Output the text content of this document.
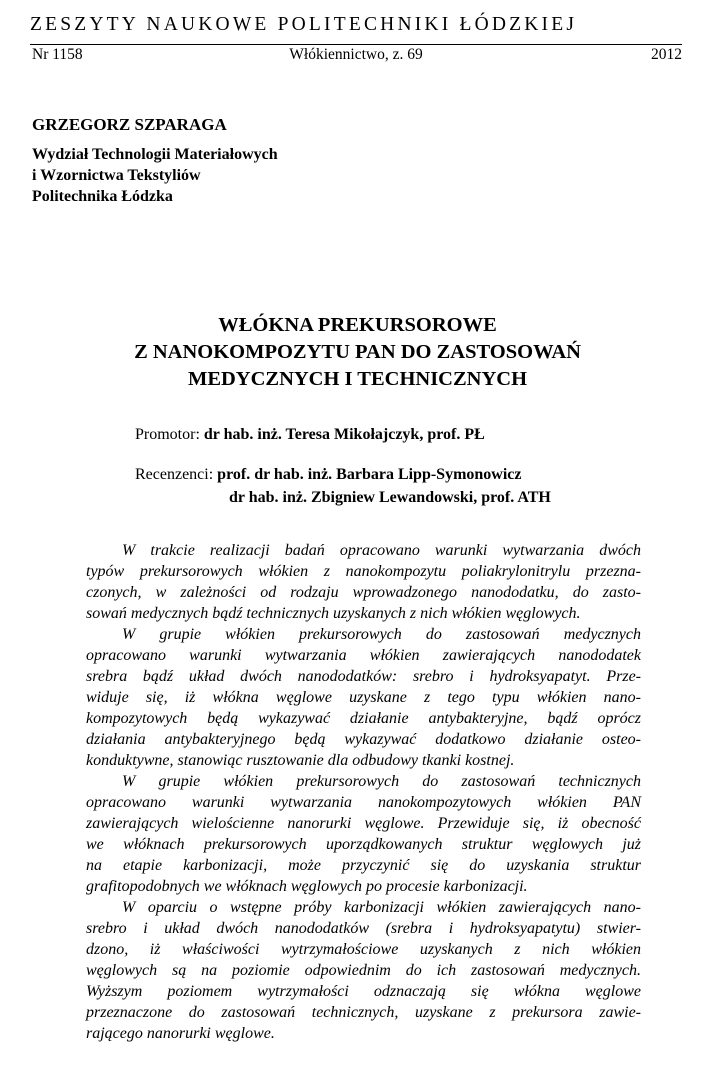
ZESZYTY NAUKOWE POLITECHNIKI ŁÓDZKIEJ
Nr 1158	Włókiennictwo, z. 69	2012
GRZEGORZ SZPARAGA
Wydział Technologii Materiałowych
i Wzornictwa Tekstyliów
Politechnika Łódzka
WŁÓKNA PREKURSOROWE
Z NANOKOMPOZYTU PAN DO ZASTOSOWAŃ
MEDYCZNYCH I TECHNICZNYCH
Promotor: dr hab. inż. Teresa Mikołajczyk, prof. PŁ
Recenzenci: prof. dr hab. inż. Barbara Lipp-Symonowicz
dr hab. inż. Zbigniew Lewandowski, prof. ATH

W trakcie realizacji badań opracowano warunki wytwarzania dwóch

typów prekursorowych włókien z nanokompozytu poliakrylonitrylu przezna-

czonych, w zależności od rodzaju wprowadzonego nanododatku, do zasto-

sowań medycznych bądź technicznych uzyskanych z nich włókien węglowych.

W grupie włókien prekursorowych do zastosowań medycznych

opracowano warunki wytwarzania włókien zawierających nanododatek

srebra bądź układ dwóch nanododatków: srebro i hydroksyapatyt. Prze-

widuje się, iż włókna węglowe uzyskane z tego typu włókien nano-

kompozytowych będą wykazywać działanie antybakteryjne, bądź oprócz

działania antybakteryjnego będą wykazywać dodatkowo działanie osteo-

konduktywne, stanowiąc rusztowanie dla odbudowy tkanki kostnej.

W grupie włókien prekursorowych do zastosowań technicznych

opracowano warunki wytwarzania nanokompozytowych włókien PAN

zawierających wielościenne nanorurki węglowe. Przewiduje się, iż obecność

we włóknach prekursorowych uporządkowanych struktur węglowych już

na etapie karbonizacji, może przyczynić się do uzyskania struktur

grafitopodobnych we włóknach węglowych po procesie karbonizacji.

W oparciu o wstępne próby karbonizacji włókien zawierających nano-

srebro i układ dwóch nanododatków (srebra i hydroksyapatytu) stwier-

dzono, iż właściwości wytrzymałościowe uzyskanych z nich włókien

węglowych są na poziomie odpowiednim do ich zastosowań medycznych.

Wyższym poziomem wytrzymałości odznaczają się włókna węglowe

przeznaczone do zastosowań technicznych, uzyskane z prekursora zawie-

rającego nanorurki węglowe.
